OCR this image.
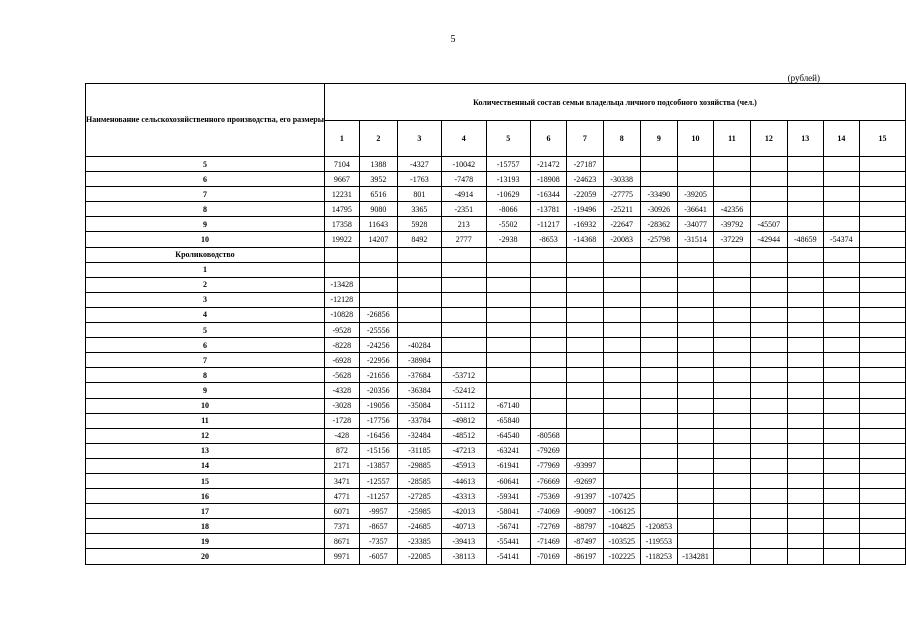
5
(рублей)
Наименование сельскохозяйственного производства, его размеры	Количественный состав семьи владельца личного подсобного хозяйства (чел.)														
	1	2	3	4	5	6	7	8	9	10	11	12	13	14	15
5	7104	1388	-4327	-10042	-15757	-21472	-27187								
6	9667	3952	-1763	-7478	-13193	-18908	-24623	-30338							
7	12231	6516	801	-4914	-10629	-16344	-22059	-27775	-33490	-39205					
8	14795	9080	3365	-2351	-8066	-13781	-19496	-25211	-30926	-36641	-42356				
9	17358	11643	5928	213	-5502	-11217	-16932	-22647	-28362	-34077	-39792	-45507			
10	19922	14207	8492	2777	-2938	-8653	-14368	-20083	-25798	-31514	-37229	-42944	-48659	-54374	
Кролиководство															
1															
2	-13428														
3	-12128														
4	-10828	-26856													
5	-9528	-25556													
6	-8228	-24256	-40284												
7	-6928	-22956	-38984												
8	-5628	-21656	-37684	-53712											
9	-4328	-20356	-36384	-52412											
10	-3028	-19056	-35084	-51112	-67140										
11	-1728	-17756	-33784	-49812	-65840										
12	-428	-16456	-32484	-48512	-64540	-80568									
13	872	-15156	-31185	-47213	-63241	-79269									
14	2171	-13857	-29885	-45913	-61941	-77969	-93997								
15	3471	-12557	-28585	-44613	-60641	-76669	-92697								
16	4771	-11257	-27285	-43313	-59341	-75369	-91397	-107425							
17	6071	-9957	-25985	-42013	-58041	-74069	-90097	-106125							
18	7371	-8657	-24685	-40713	-56741	-72769	-88797	-104825	-120853						
19	8671	-7357	-23385	-39413	-55441	-71469	-87497	-103525	-119553						
20	9971	-6057	-22085	-38113	-54141	-70169	-86197	-102225	-118253	-134281					
